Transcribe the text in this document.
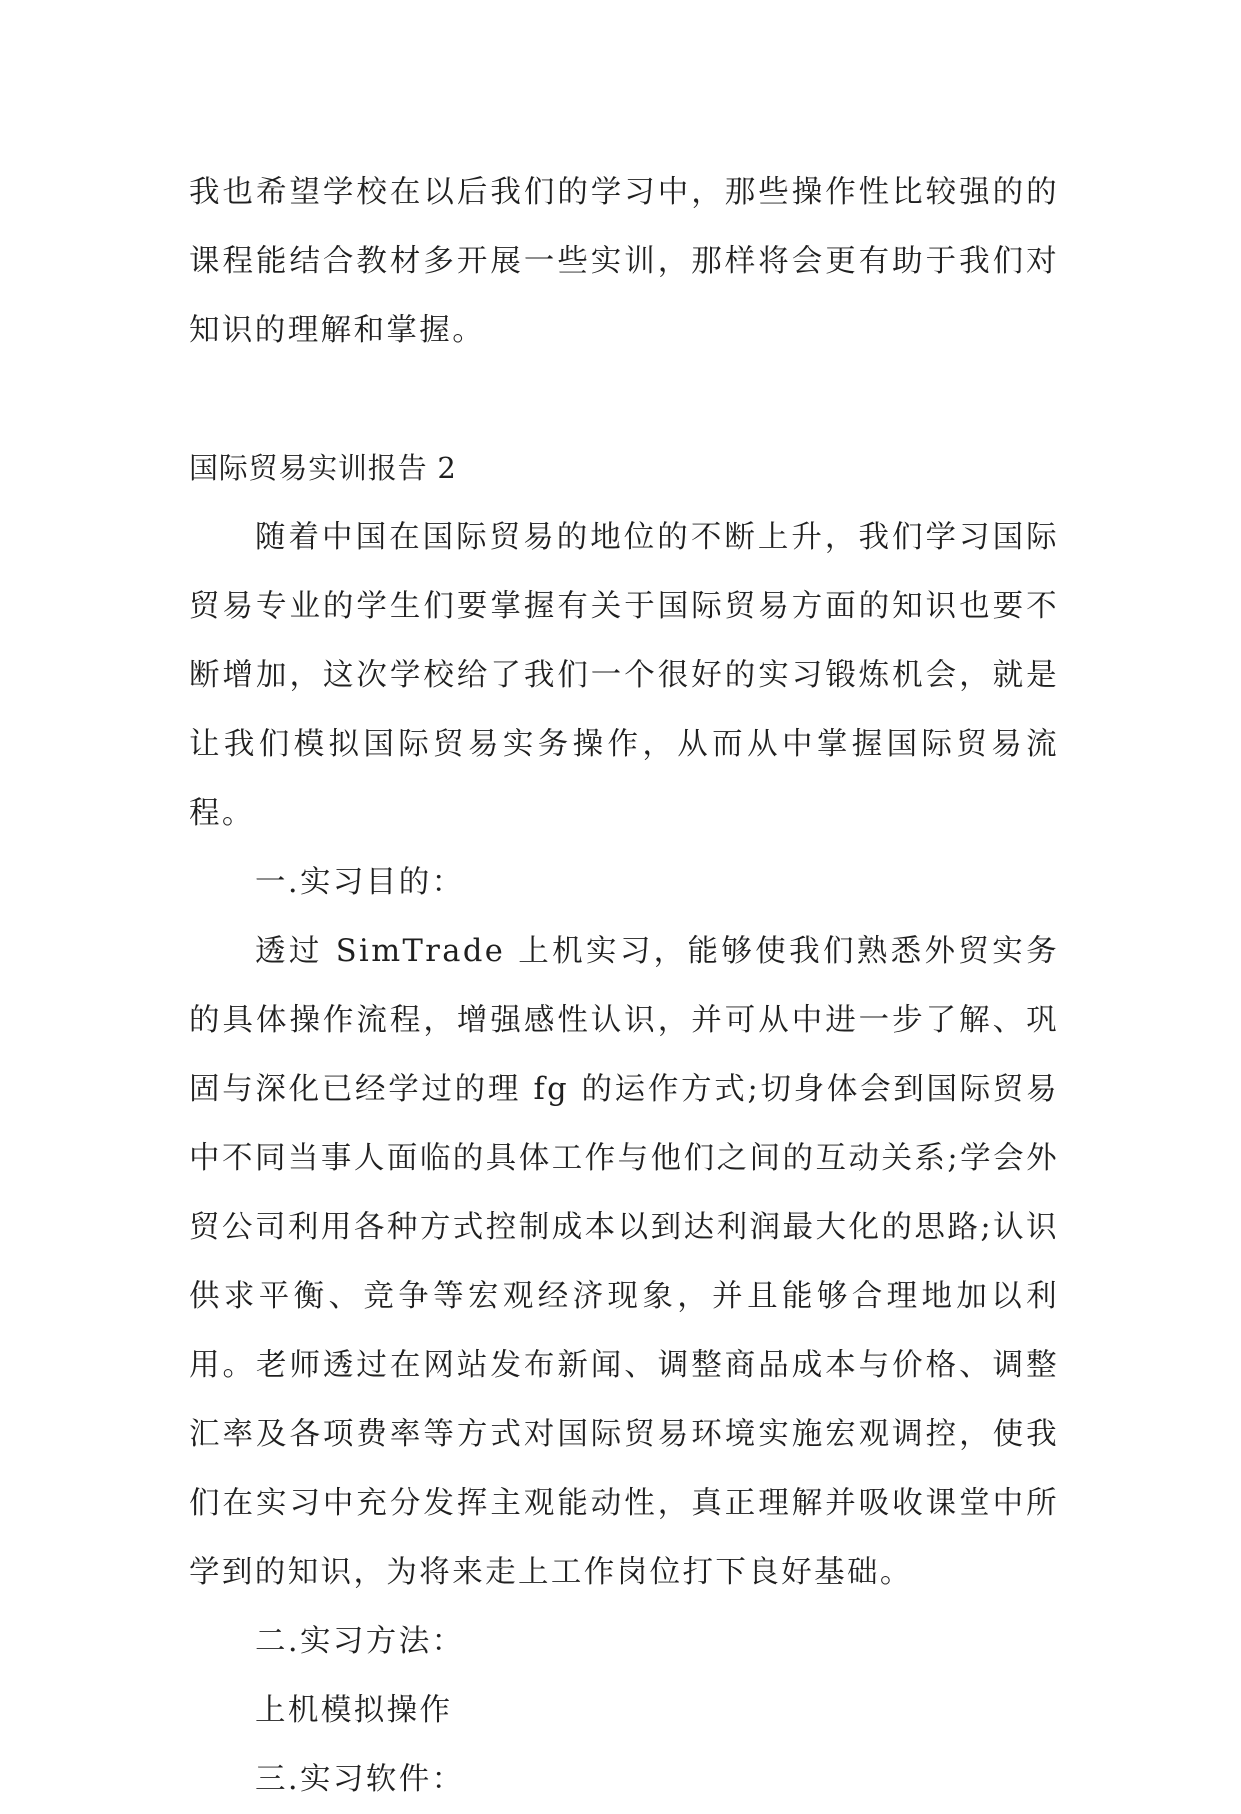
我也希望学校在以后我们的学习中，那些操作性比较强的的课程能结合教材多开展一些实训，那样将会更有助于我们对知识的理解和掌握。

国际贸易实训报告 2

随着中国在国际贸易的地位的不断上升，我们学习国际贸易专业的学生们要掌握有关于国际贸易方面的知识也要不断增加，这次学校给了我们一个很好的实习锻炼机会，就是让我们模拟国际贸易实务操作，从而从中掌握国际贸易流程。

一.实习目的：

透过 SimTrade 上机实习，能够使我们熟悉外贸实务的具体操作流程，增强感性认识，并可从中进一步了解、巩固与深化已经学过的理 fg 的运作方式;切身体会到国际贸易中不同当事人面临的具体工作与他们之间的互动关系;学会外贸公司利用各种方式控制成本以到达利润最大化的思路;认识供求平衡、竞争等宏观经济现象，并且能够合理地加以利用。老师透过在网站发布新闻、调整商品成本与价格、调整汇率及各项费率等方式对国际贸易环境实施宏观调控，使我们在实习中充分发挥主观能动性，真正理解并吸收课堂中所学到的知识，为将来走上工作岗位打下良好基础。

二.实习方法：

上机模拟操作

三.实习软件：
